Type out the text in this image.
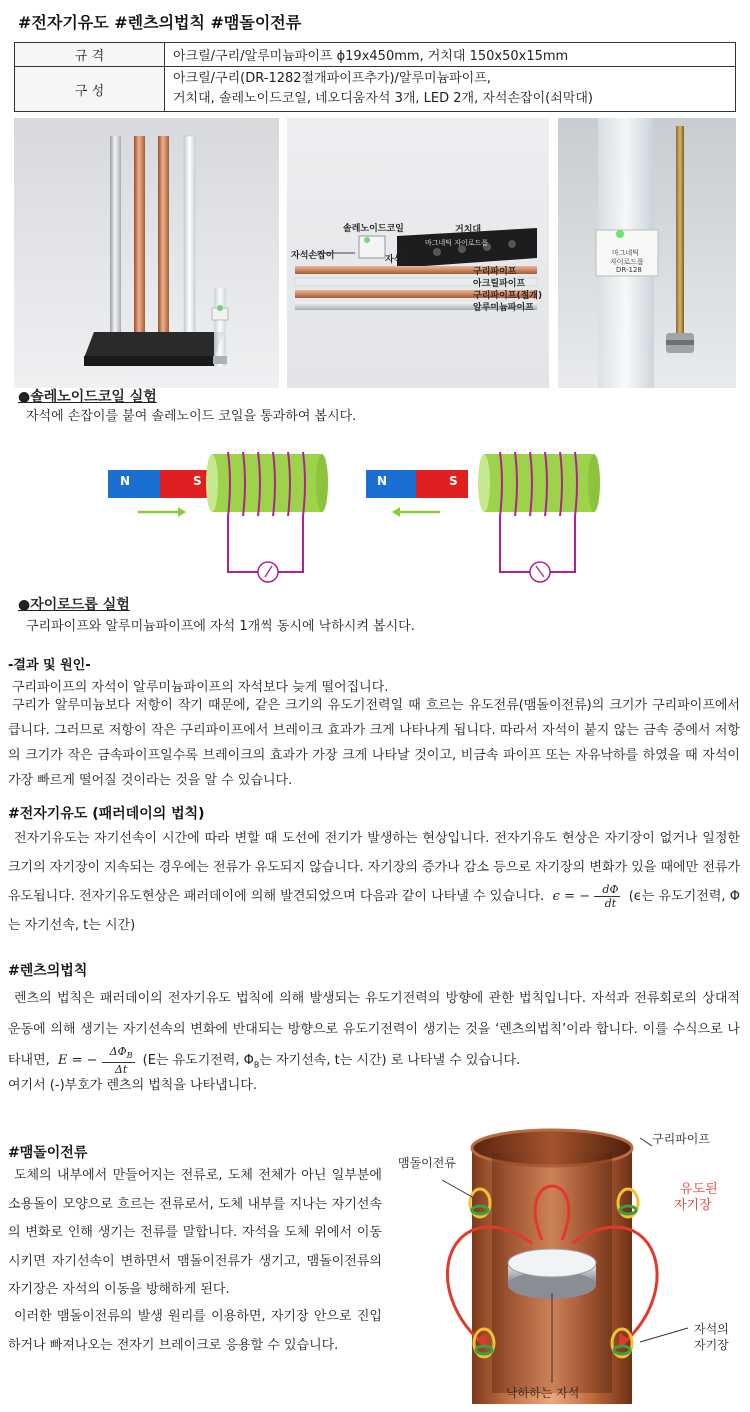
#전자기유도 #렌츠의법칙 #맴돌이전류
규 격	아크릴/구리/알루미늄파이프 ϕ19x450mm, 거치대 150x50x15mm
구 성	아크릴/구리(DR-1282절개파이프추가)/알루미늄파이프,
거치대, 솔레노이드코일, 네오디움자석 3개, LED 2개, 자석손잡이(쇠막대)
솔레노이드코일	거치대
자석손잡이	자석
마그네틱 자이로드롭
구리파이프
아크릴파이프
구리파이프(절개)
알루미늄파이프
마그네틱
자이로드롭
DR-128
●솔레노이드코일 실험
자석에 손잡이를 붙여 솔레노이드 코일을 통과하여 봅시다.
N	S	N	S
●자이로드롭 실험
구리파이프와 알루미늄파이프에 자석 1개씩 동시에 낙하시켜 봅시다.
-결과 및 원인-
구리파이프의 자석이 알루미늄파이프의 자석보다 늦게 떨어집니다.
구리가 알루미늄보다 저항이 작기 때문에, 같은 크기의 유도기전력일 때 흐르는 유도전류(맴돌이전류)의 크기가 구리파이프에서 큽니다. 그러므로 저항이 작은 구리파이프에서 브레이크 효과가 크게 나타나게 됩니다. 따라서 자석이 붙지 않는 금속 중에서 저항의 크기가 작은 금속파이프일수록 브레이크의 효과가 가장 크게 나타날 것이고, 비금속 파이프 또는 자유낙하를 하였을 때 자석이 가장 빠르게 떨어질 것이라는 것을 알 수 있습니다.
#전자기유도 (패러데이의 법칙)
전자기유도는 자기선속이 시간에 따라 변할 때 도선에 전기가 발생하는 현상입니다. 전자기유도 현상은 자기장이 없거나 일정한 크기의 자기장이 지속되는 경우에는 전류가 유도되지 않습니다. 자기장의 증가나 감소 등으로 자기장의 변화가 있을 때에만 전류가 유도됩니다. 전자기유도현상은 패러데이에 의해 발견되었으며 다음과 같이 나타낼 수 있습니다. ϵ = − $\frac{d\Phi}{dt} (\epsilon$는 유도기전력, Φ는 자기선속, t는 시간)
#렌츠의법칙
렌츠의 법칙은 패러데이의 전자기유도 법칙에 의해 발생되는 유도기전력의 방향에 관한 법칙입니다. 자석과 전류회로의 상대적 운동에 의해 생기는 자기선속의 변화에 반대되는 방향으로 유도기전력이 생기는 것을 ‘렌츠의법칙’이라 합니다. 이를 수식으로 나타내면, E = − $\frac{\Delta\Phi_B}{\Delta t} (E$는 유도기전력, $\Phi_B$는 자기선속, t는 시간) 로 나타낼 수 있습니다.
여기서 (-)부호가 렌츠의 법칙을 나타냅니다.
#맴돌이전류
도체의 내부에서 만들어지는 전류로, 도체 전체가 아닌 일부분에 소용돌이 모양으로 흐르는 전류로서, 도체 내부를 지나는 자기선속의 변화로 인해 생기는 전류를 말합니다. 자석을 도체 위에서 이동시키면 자기선속이 변하면서 맴돌이전류가 생기고, 맴돌이전류의 자기장은 자석의 이동을 방해하게 된다.
이러한 맴돌이전류의 발생 원리를 이용하면, 자기장 안으로 진입하거나 빠져나오는 전자기 브레이크로 응용할 수 있습니다.
구리파이프
맴돌이전류
유도된
자기장
자석의
자기장
낙하하는 자석
